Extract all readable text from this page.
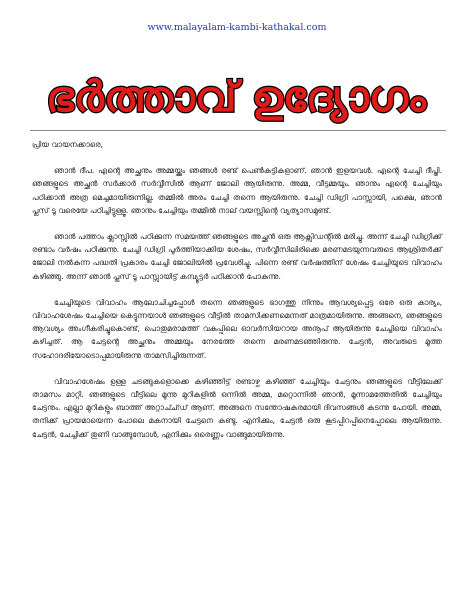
www.malayalam-kambi-kathakal.com
ഭർത്താവ് ഉദ്യോഗം

പ്രിയ വായനക്കാരെ,

ഞാൻ ദീപ. എന്റെ അച്ഛനും അമ്മയ്ക്കും ഞങ്ങൾ രണ്ട് പെൺകുട്ടികളാണ്. ഞാൻ ഇളയവൾ. എന്റെ ചേച്ചി ദീപ്തി. ഞങ്ങളുടെ അച്ഛൻ സർക്കാർ സർവ്വീസിൽ ആണ് ജോലി ആയിരുന്നു. അമ്മ, വീട്ടമ്മയും. ഞാനും എന്റെ ചേച്ചിയും പഠിക്കാൻ അത്ര മെച്ചമായിരുന്നില്ല. തമ്മിൽ അരം ചേച്ചി തന്നെ ആയിരുന്നു. ചേച്ചി ഡിഗ്രി പാസ്സായി, പക്ഷെ, ഞാൻ പ്ലസ് ടൂ വരെയേ പഠിച്ചിട്ടുള്ളൂ. ഞാനും ചേച്ചിയും തമ്മിൽ നാല് വയസ്സിന്റെ വ്യത്യാസമുണ്ട്.

ഞാൻ പത്താം ക്ലാസ്സിൽ പഠിക്കുന്ന സമയത്ത് ഞങ്ങളുടെ അച്ഛൻ ഒരു ആക്സിഡന്റിൽ മരിച്ചു. അന്ന് ചേച്ചി ഡിഗ്രിക്ക് രണ്ടാം വർഷം പഠിക്കുന്നു. ചേച്ചി ഡിഗ്രി പൂർത്തിയാക്കിയ ശേഷം, സർവ്വീസിലിരിക്കെ മരണമടയുന്നവരുടെ ആശ്രിതർക്ക് ജോലി നൽകുന്ന പദ്ധതി പ്രകാരം ചേച്ചി ജോലിയിൽ പ്രവേശിച്ചു. പിന്നെ രണ്ട് വർഷത്തിന് ശേഷം ചേച്ചിയുടെ വിവാഹം കഴിഞ്ഞു. അന്ന് ഞാൻ പ്ലസ് ടൂ പാസ്സായിട്ട് കമ്പ്യൂട്ടർ പഠിക്കാൻ പോകുന്നു.

ചേച്ചിയുടെ വിവാഹം ആലോചിച്ചപ്പോൾ തന്നെ ഞങ്ങളുടെ ഭാഗത്തു നിന്നും ആവശ്യപ്പെട്ട ഒരേ ഒരു കാര്യം, വിവാഹശേഷം ചേച്ചിയെ കെട്ടുന്നയാൾ ഞങ്ങളുടെ വീട്ടിൽ താമസിക്കണമെന്നത് മാത്രമായിരുന്നു. അങ്ങനെ, ഞങ്ങളുടെ ആവശ്യം അംഗീകരിച്ചുകൊണ്ട്, പൊതുമരാമത്ത് വകുപ്പിലെ ഓവർസിയറായ അനൂപ് ആയിരുന്നു ചേച്ചിയെ വിവാഹം കഴിച്ചത്. ആ ചേട്ടന്റെ അച്ഛനും അമ്മയും നേരത്തേ തന്നെ മരണമടഞ്ഞിരുന്നു. ചേട്ടൻ, അവരുടെ മൂത്ത സഹോദരിയോടൊപ്പമായിരുന്നു താമസിച്ചിരുന്നത്.

വിവാഹശേഷം ഉള്ള ചടങ്ങുകളൊക്കെ കഴിഞ്ഞിട്ട് രണ്ടാഴ്ച കഴിഞ്ഞ് ചേച്ചിയും ചേട്ടനും ഞങ്ങളുടെ വീട്ടിലേക്ക് താമസം മാറ്റി. ഞങ്ങളുടെ വീട്ടിലെ മൂന്നു മുറികളിൽ ഒന്നിൽ അമ്മ, മറ്റൊന്നിൽ ഞാൻ, മൂന്നാമത്തേതിൽ ചേച്ചിയും ചേട്ടനും. എല്ലാ മുറികളും ബാത്ത് അറ്റാച്ച്ഡ് ആണ്. അങ്ങനെ സന്തോഷകരമായി ദിവസങ്ങൾ കടന്നു പോയി. അമ്മ, തനിക്ക് പ്രായമായെന്ന പോലെ മകനായി ചേട്ടനെ കണ്ടു. എനിക്കും, ചേട്ടൻ ഒരു കൂടപ്പിറപ്പിനെപ്പോലെ ആയിരുന്നു. ചേട്ടൻ, ചേച്ചിക്ക് തുണി വാങ്ങുമ്പോൾ, എനിക്കും ഒരെണ്ണം വാങ്ങുമായിരുന്നു.
